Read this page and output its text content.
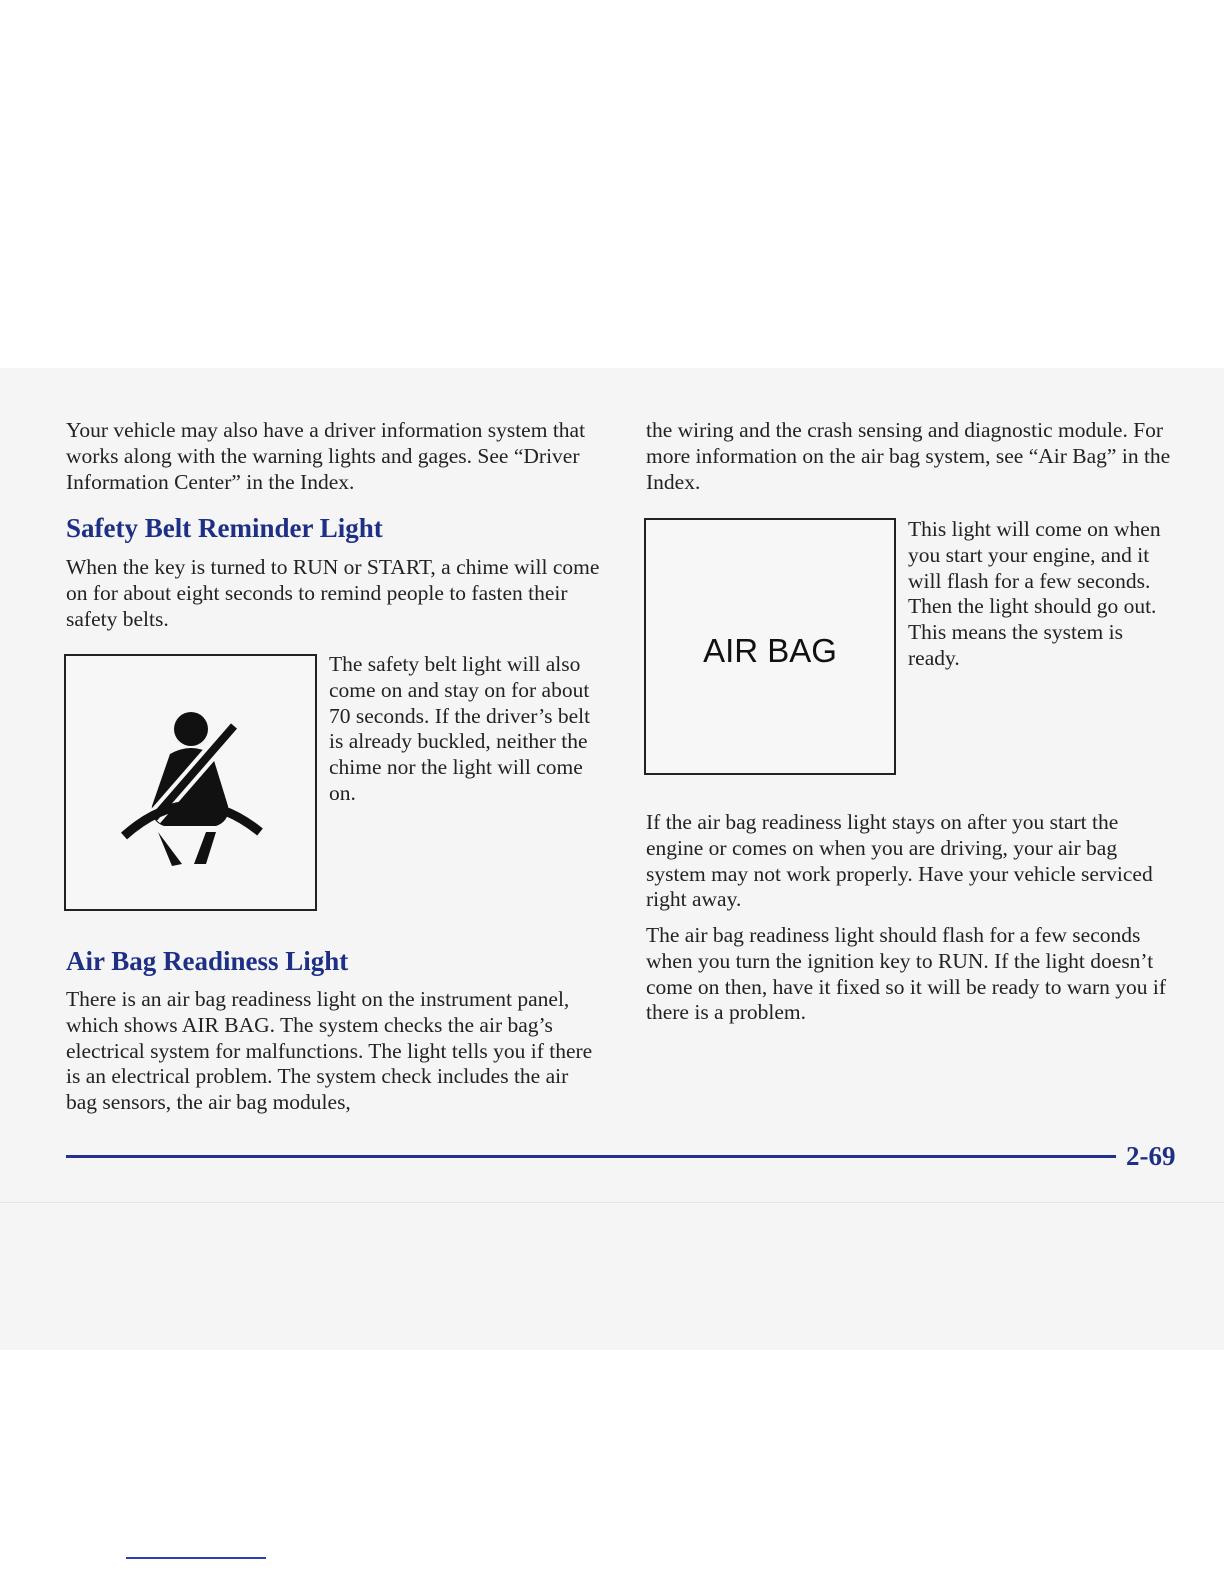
Your vehicle may also have a driver information system that works along with the warning lights and gages. See “Driver Information Center” in the Index.

Safety Belt Reminder Light

When the key is turned to RUN or START, a chime will come on for about eight seconds to remind people to fasten their safety belts.

The safety belt light will also come on and stay on for about 70 seconds. If the driver’s belt is already buckled, neither the chime nor the light will come on.

Air Bag Readiness Light

There is an air bag readiness light on the instrument panel, which shows AIR BAG. The system checks the air bag’s electrical system for malfunctions. The light tells you if there is an electrical problem. The system check includes the air bag sensors, the air bag modules,

the wiring and the crash sensing and diagnostic module. For more information on the air bag system, see “Air Bag” in the Index.

AIR BAG

This light will come on when you start your engine, and it will flash for a few seconds. Then the light should go out. This means the system is ready.

If the air bag readiness light stays on after you start the engine or comes on when you are driving, your air bag system may not work properly. Have your vehicle serviced right away.

The air bag readiness light should flash for a few seconds when you turn the ignition key to RUN. If the light doesn’t come on then, have it fixed so it will be ready to warn you if there is a problem.

2-69
